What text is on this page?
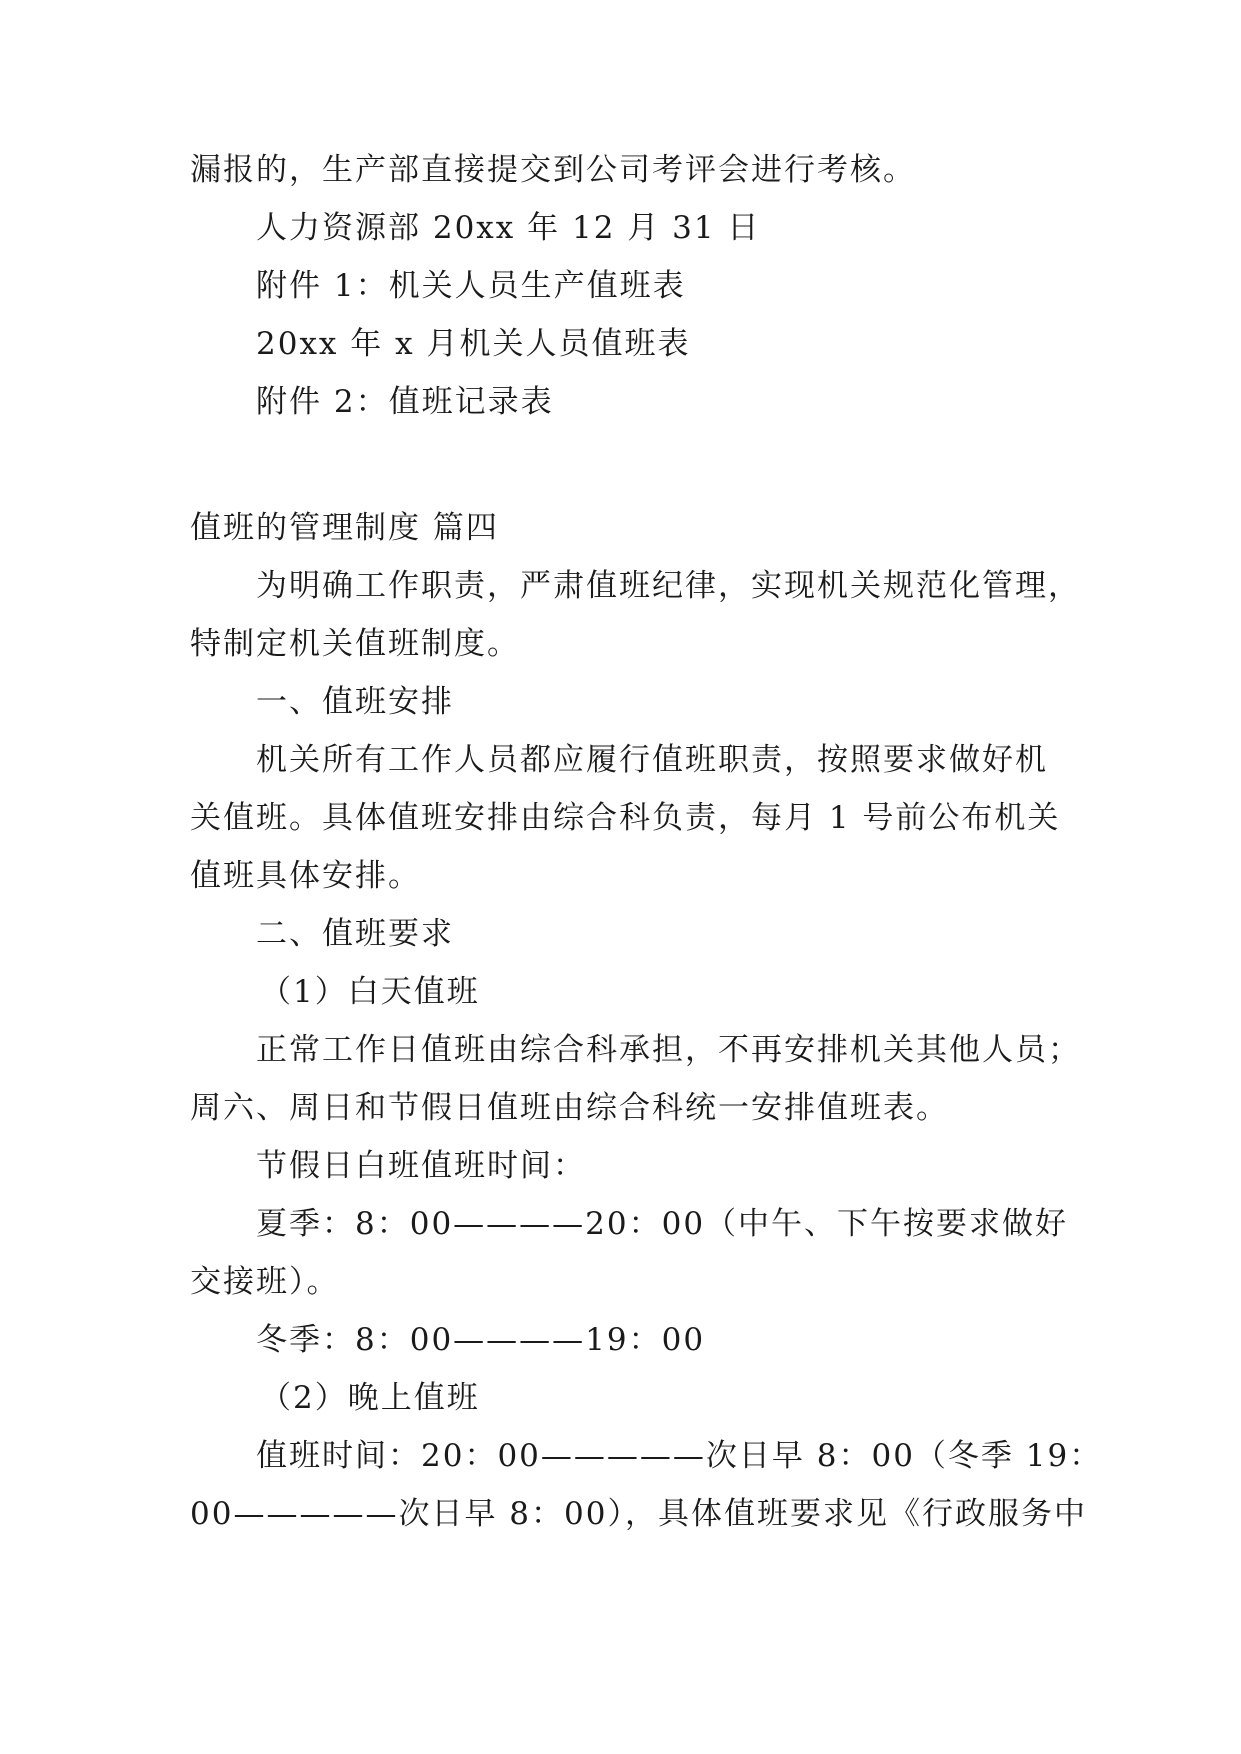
漏报的，生产部直接提交到公司考评会进行考核。
人力资源部 20xx 年 12 月 31 日
附件 1：机关人员生产值班表
20xx 年 x 月机关人员值班表
附件 2：值班记录表
值班的管理制度 篇四
为明确工作职责，严肃值班纪律，实现机关规范化管理，
特制定机关值班制度。
一、值班安排
机关所有工作人员都应履行值班职责，按照要求做好机
关值班。具体值班安排由综合科负责，每月 1 号前公布机关
值班具体安排。
二、值班要求
（1）白天值班
正常工作日值班由综合科承担，不再安排机关其他人员；
周六、周日和节假日值班由综合科统一安排值班表。
节假日白班值班时间：
夏季：8：00————20：00（中午、下午按要求做好
交接班）。
冬季：8：00————19：00
（2）晚上值班
值班时间：20：00—————次日早 8：00（冬季 19：
00—————次日早 8：00），具体值班要求见《行政服务中
